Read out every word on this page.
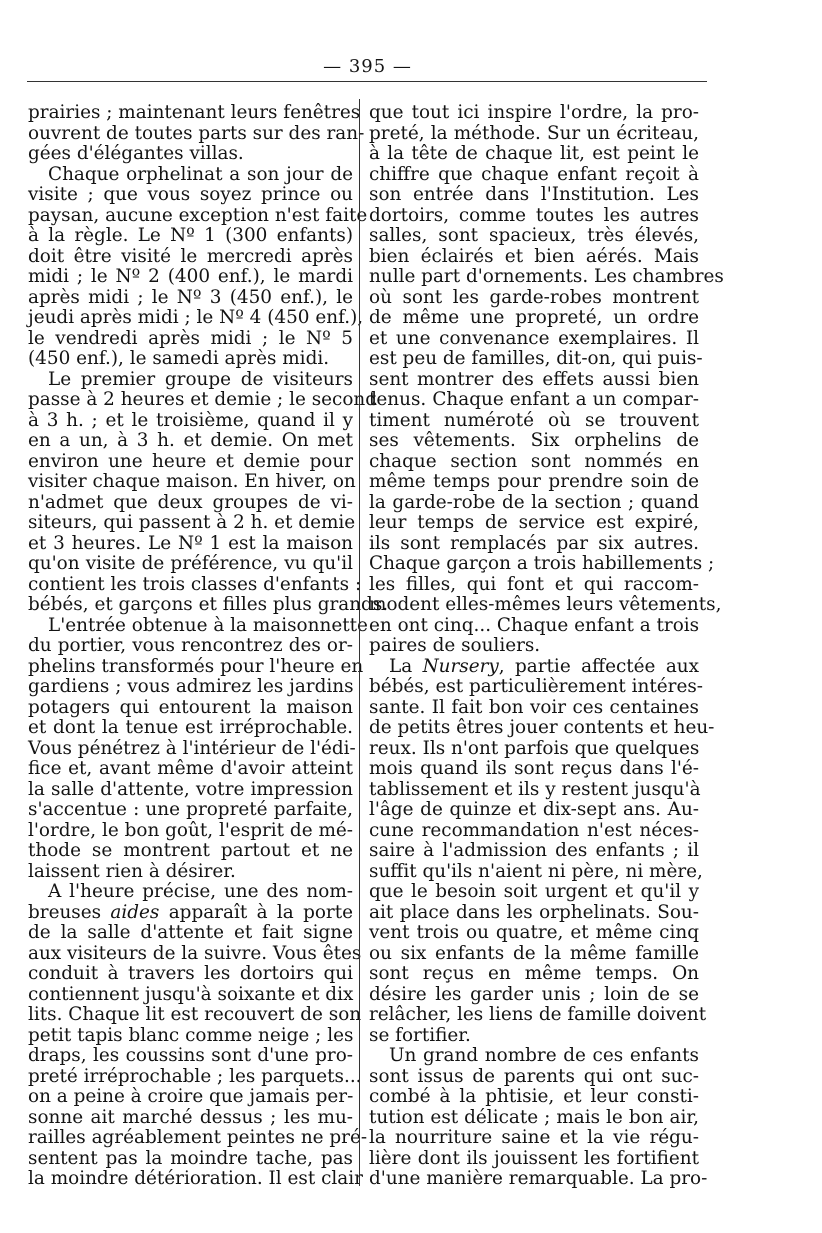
— 395 —
prairies ; maintenant leurs fenêtres
ouvrent de toutes parts sur des ran-
gées d'élégantes villas.
Chaque orphelinat a son jour de
visite ; que vous soyez prince ou
paysan, aucune exception n'est faite
à la règle. Le Nº 1 (300 enfants)
doit être visité le mercredi après
midi ; le Nº 2 (400 enf.), le mardi
après midi ; le Nº 3 (450 enf.), le
jeudi après midi ; le Nº 4 (450 enf.),
le vendredi après midi ; le Nº 5
(450 enf.), le samedi après midi.
Le premier groupe de visiteurs
passe à 2 heures et demie ; le second
à 3 h. ; et le troisième, quand il y
en a un, à 3 h. et demie. On met
environ une heure et demie pour
visiter chaque maison. En hiver, on
n'admet que deux groupes de vi-
siteurs, qui passent à 2 h. et demie
et 3 heures. Le Nº 1 est la maison
qu'on visite de préférence, vu qu'il
contient les trois classes d'enfants :
bébés, et garçons et filles plus grands.
L'entrée obtenue à la maisonnette
du portier, vous rencontrez des or-
phelins transformés pour l'heure en
gardiens ; vous admirez les jardins
potagers qui entourent la maison
et dont la tenue est irréprochable.
Vous pénétrez à l'intérieur de l'édi-
fice et, avant même d'avoir atteint
la salle d'attente, votre impression
s'accentue : une propreté parfaite,
l'ordre, le bon goût, l'esprit de mé-
thode se montrent partout et ne
laissent rien à désirer.
A l'heure précise, une des nom-
breuses aides apparaît à la porte
de la salle d'attente et fait signe
aux visiteurs de la suivre. Vous êtes
conduit à travers les dortoirs qui
contiennent jusqu'à soixante et dix
lits. Chaque lit est recouvert de son
petit tapis blanc comme neige ; les
draps, les coussins sont d'une pro-
preté irréprochable ; les parquets...
on a peine à croire que jamais per-
sonne ait marché dessus ; les mu-
railles agréablement peintes ne pré-
sentent pas la moindre tache, pas
la moindre détérioration. Il est clair
que tout ici inspire l'ordre, la pro-
preté, la méthode. Sur un écriteau,
à la tête de chaque lit, est peint le
chiffre que chaque enfant reçoit à
son entrée dans l'Institution. Les
dortoirs, comme toutes les autres
salles, sont spacieux, très élevés,
bien éclairés et bien aérés. Mais
nulle part d'ornements. Les chambres
où sont les garde-robes montrent
de même une propreté, un ordre
et une convenance exemplaires. Il
est peu de familles, dit-on, qui puis-
sent montrer des effets aussi bien
tenus. Chaque enfant a un compar-
timent numéroté où se trouvent
ses vêtements. Six orphelins de
chaque section sont nommés en
même temps pour prendre soin de
la garde-robe de la section ; quand
leur temps de service est expiré,
ils sont remplacés par six autres.
Chaque garçon a trois habillements ;
les filles, qui font et qui raccom-
modent elles-mêmes leurs vêtements,
en ont cinq... Chaque enfant a trois
paires de souliers.
La Nursery, partie affectée aux
bébés, est particulièrement intéres-
sante. Il fait bon voir ces centaines
de petits êtres jouer contents et heu-
reux. Ils n'ont parfois que quelques
mois quand ils sont reçus dans l'é-
tablissement et ils y restent jusqu'à
l'âge de quinze et dix-sept ans. Au-
cune recommandation n'est néces-
saire à l'admission des enfants ; il
suffit qu'ils n'aient ni père, ni mère,
que le besoin soit urgent et qu'il y
ait place dans les orphelinats. Sou-
vent trois ou quatre, et même cinq
ou six enfants de la même famille
sont reçus en même temps. On
désire les garder unis ; loin de se
relâcher, les liens de famille doivent
se fortifier.
Un grand nombre de ces enfants
sont issus de parents qui ont suc-
combé à la phtisie, et leur consti-
tution est délicate ; mais le bon air,
la nourriture saine et la vie régu-
lière dont ils jouissent les fortifient
d'une manière remarquable. La pro-
